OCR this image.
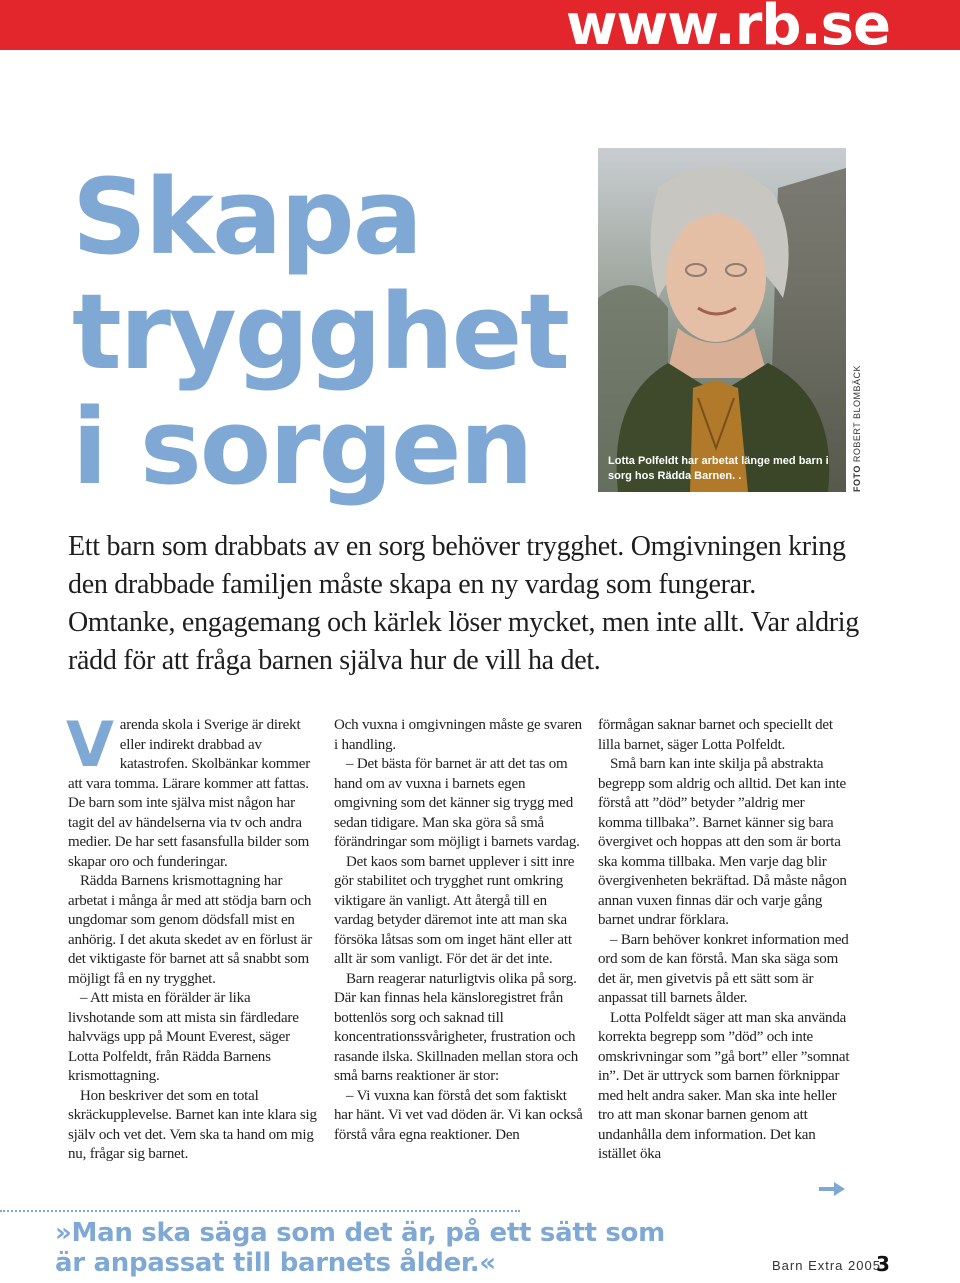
www.rb.se
Skapa
trygghet
i sorgen	Lotta Polfeldt har arbetat länge med barn i sorg hos Rädda Barnen. .	FOTO ROBERT BLOMBÄCK
Ett barn som drabbats av en sorg behöver trygghet. Omgivningen kring den drabbade familjen måste skapa en ny vardag som fungerar. Omtanke, engagemang och kärlek löser mycket, men inte allt. Var aldrig rädd för att fråga barnen själva hur de vill ha det.

Varenda skola i Sverige är direkt eller indirekt drabbad av katastrofen. Skolbänkar kommer att vara tomma. Lärare kommer att fattas. De barn som inte själva mist någon har tagit del av händelserna via tv och andra medier. De har sett fasansfulla bilder som skapar oro och funderingar.

Rädda Barnens krismottagning har arbetat i många år med att stödja barn och ungdomar som genom dödsfall mist en anhörig. I det akuta skedet av en förlust är det viktigaste för barnet att så snabbt som möjligt få en ny trygghet.

– Att mista en förälder är lika livshotande som att mista sin färdledare halvvägs upp på Mount Everest, säger Lotta Polfeldt, från Rädda Barnens krismottagning.

Hon beskriver det som en total skräckupplevelse. Barnet kan inte klara sig själv och vet det. Vem ska ta hand om mig nu, frågar sig barnet.

Och vuxna i omgivningen måste ge svaren i handling.

– Det bästa för barnet är att det tas om hand om av vuxna i barnets egen omgivning som det känner sig trygg med sedan tidigare. Man ska göra så små förändringar som möjligt i barnets vardag.

Det kaos som barnet upplever i sitt inre gör stabilitet och trygghet runt omkring viktigare än vanligt. Att återgå till en vardag betyder däremot inte att man ska försöka låtsas som om inget hänt eller att allt är som vanligt. För det är det inte.

Barn reagerar naturligtvis olika på sorg. Där kan finnas hela känsloregistret från bottenlös sorg och saknad till koncentrationssvårigheter, frustration och rasande ilska. Skillnaden mellan stora och små barns reaktioner är stor:

– Vi vuxna kan förstå det som faktiskt har hänt. Vi vet vad döden är. Vi kan också förstå våra egna reaktioner. Den

förmågan saknar barnet och speciellt det lilla barnet, säger Lotta Polfeldt.

Små barn kan inte skilja på abstrakta begrepp som aldrig och alltid. Det kan inte förstå att ”död” betyder ”aldrig mer komma tillbaka”. Barnet känner sig bara övergivet och hoppas att den som är borta ska komma tillbaka. Men varje dag blir övergivenheten bekräftad. Då måste någon annan vuxen finnas där och varje gång barnet undrar förklara.

– Barn behöver konkret information med ord som de kan förstå. Man ska säga som det är, men givetvis på ett sätt som är anpassat till barnets ålder.

Lotta Polfeldt säger att man ska använda korrekta begrepp som ”död” och inte omskrivningar som ”gå bort” eller ”somnat in”. Det är uttryck som barnen förknippar med helt andra saker. Man ska inte heller tro att man skonar barnen genom att undanhålla dem information. Det kan istället öka

»Man ska säga som det är, på ett sätt som är anpassat till barnets ålder.«	Barn Extra 2005
3
